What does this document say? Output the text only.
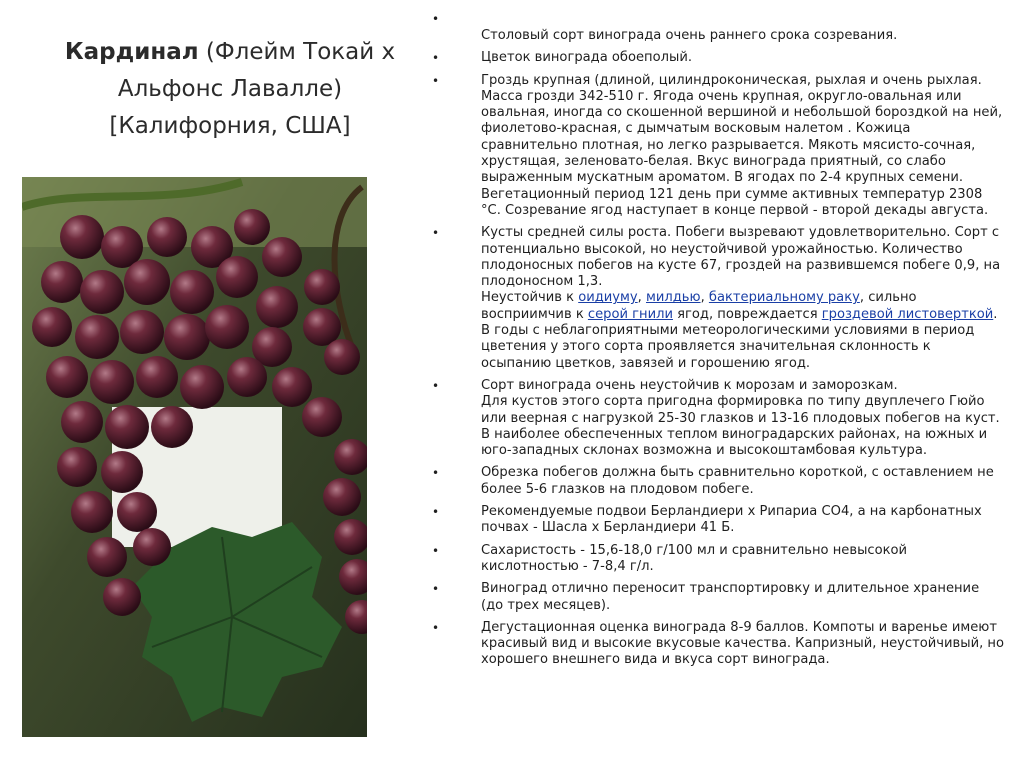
Кардинал (Флейм Токай х Альфонс Лавалле) [Калифорния, США]
•
Столовый сорт винограда очень раннего срока созревания.
•	Цветок винограда обоеполый.
•	Гроздь крупная (длиной, цилиндроконическая, рыхлая и очень рыхлая. Масса грозди 342-510 г. Ягода очень крупная, округло-овальная или овальная, иногда со скошенной вершиной и небольшой бороздкой на ней, фиолетово-красная, с дымчатым восковым налетом . Кожица сравнительно плотная, но легко разрывается. Мякоть мясисто-сочная, хрустящая, зеленовато-белая. Вкус винограда приятный, со слабо выраженным мускатным ароматом. В ягодах по 2-4 крупных семени.
Вегетационный период 121 день при сумме активных температур 2308 °С. Созревание ягод наступает в конце первой - второй декады августа.
•	Кусты средней силы роста. Побеги вызревают удовлетворительно. Сорт с потенциально высокой, но неустойчивой урожайностью. Количество плодоносных побегов на кусте 67, гроздей на развившемся побеге 0,9, на плодоносном 1,3.
Неустойчив к оидиуму, милдью, бактериальному раку, сильно восприимчив к серой гнили ягод, повреждается гроздевой листоверткой.
В годы с неблагоприятными метеорологическими условиями в период цветения у этого сорта проявляется значительная склонность к осыпанию цветков, завязей и горошению ягод.
•	Сорт винограда очень неустойчив к морозам и заморозкам.
Для кустов этого сорта пригодна формировка по типу двуплечего Гюйо или веерная с нагрузкой 25-30 глазков и 13-16 плодовых побегов на куст. В наиболее обеспеченных теплом виноградарских районах, на южных и юго-западных склонах возможна и высокоштамбовая культура.
•	Обрезка побегов должна быть сравнительно короткой, с оставлением не более 5-6 глазков на плодовом побеге.
•	Рекомендуемые подвои Берландиери х Рипариа СО4, а на карбонатных почвах - Шасла х Берландиери 41 Б.
•	Сахаристость - 15,6-18,0 г/100 мл и сравнительно невысокой кислотностью - 7-8,4 г/л.
•	Виноград отлично переносит транспортировку и длительное хранение (до трех месяцев).
•	Дегустационная оценка винограда 8-9 баллов. Компоты и варенье имеют красивый вид и высокие вкусовые качества. Капризный, неустойчивый, но хорошего внешнего вида и вкуса сорт винограда.
